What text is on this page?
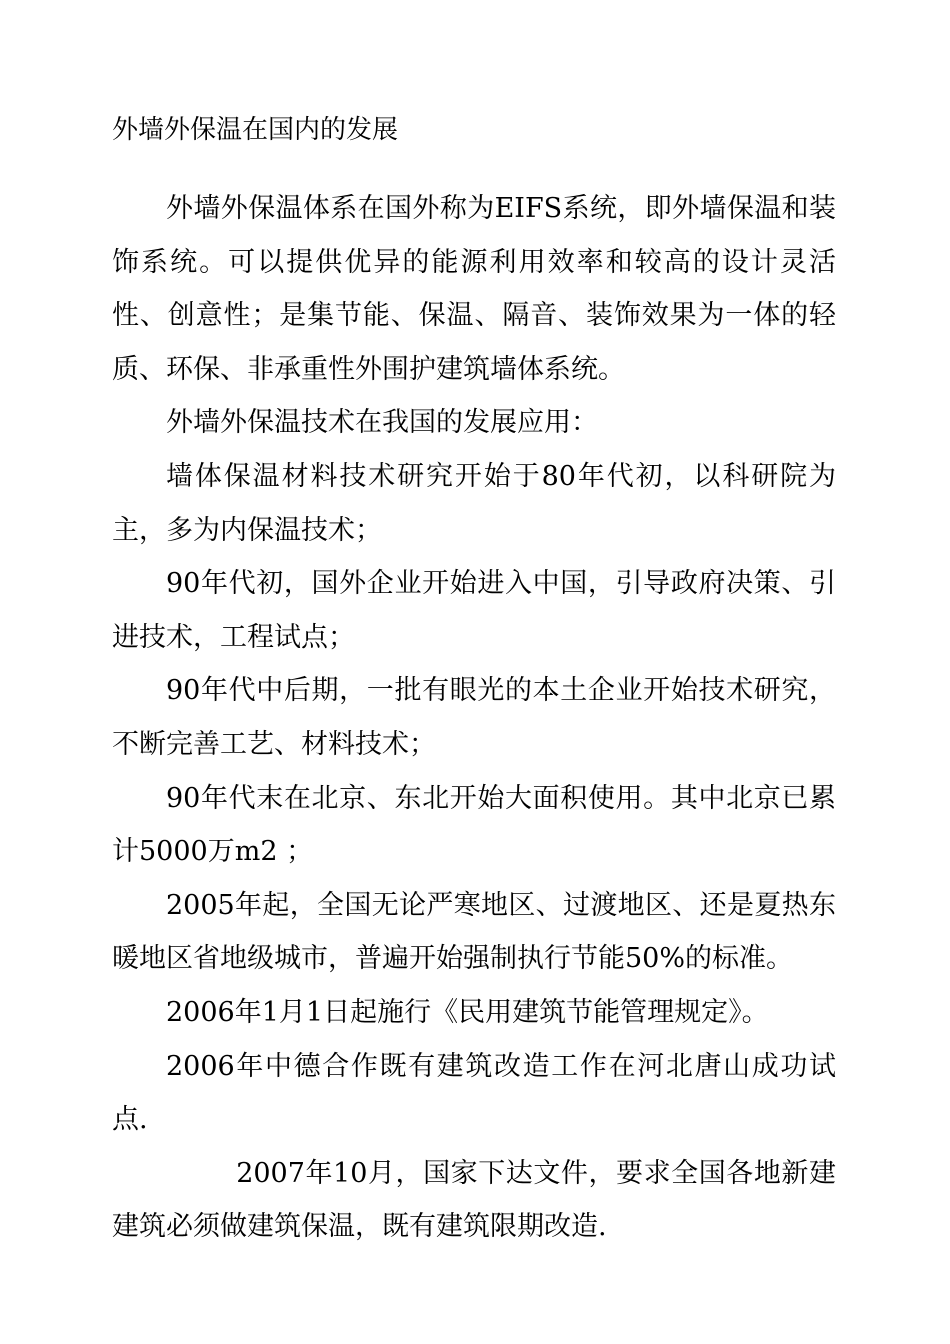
外墙外保温在国内的发展

外墙外保温体系在国外称为EIFS系统，即外墙保温和装饰系统。可以提供优异的能源利用效率和较高的设计灵活性、创意性；是集节能、保温、隔音、装饰效果为一体的轻质、环保、非承重性外围护建筑墙体系统。

外墙外保温技术在我国的发展应用：

墙体保温材料技术研究开始于80年代初，以科研院为主，多为内保温技术；

90年代初，国外企业开始进入中国，引导政府决策、引进技术，工程试点；

90年代中后期，一批有眼光的本土企业开始技术研究，不断完善工艺、材料技术；

90年代末在北京、东北开始大面积使用。其中北京已累计5000万m2 ；

2005年起，全国无论严寒地区、过渡地区、还是夏热东暖地区省地级城市，普遍开始强制执行节能50%的标准。

2006年1月1日起施行《民用建筑节能管理规定》。

2006年中德合作既有建筑改造工作在河北唐山成功试点.

2007年10月，国家下达文件，要求全国各地新建建筑必须做建筑保温，既有建筑限期改造.
